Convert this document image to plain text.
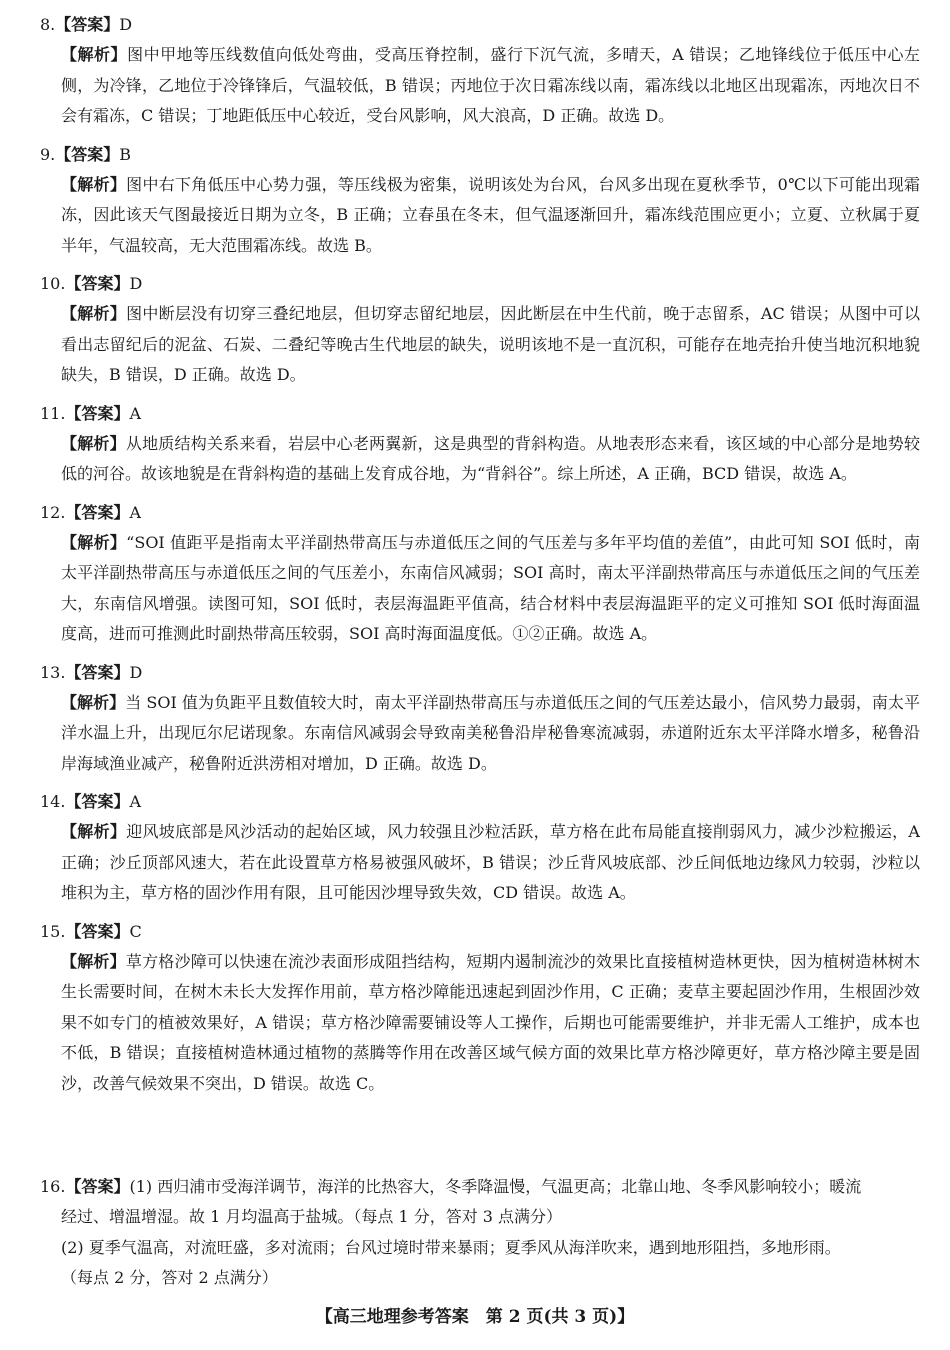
8.【答案】D
【解析】图中甲地等压线数值向低处弯曲，受高压脊控制，盛行下沉气流，多晴天，A 错误；乙地锋线位于低压中心左侧，为冷锋，乙地位于冷锋锋后，气温较低，B 错误；丙地位于次日霜冻线以南，霜冻线以北地区出现霜冻，丙地次日不会有霜冻，C 错误；丁地距低压中心较近，受台风影响，风大浪高，D 正确。故选 D。
9.【答案】B
【解析】图中右下角低压中心势力强，等压线极为密集，说明该处为台风，台风多出现在夏秋季节，0℃以下可能出现霜冻，因此该天气图最接近日期为立冬，B 正确；立春虽在冬末，但气温逐渐回升，霜冻线范围应更小；立夏、立秋属于夏半年，气温较高，无大范围霜冻线。故选 B。
10.【答案】D
【解析】图中断层没有切穿三叠纪地层，但切穿志留纪地层，因此断层在中生代前，晚于志留系，AC 错误；从图中可以看出志留纪后的泥盆、石炭、二叠纪等晚古生代地层的缺失，说明该地不是一直沉积，可能存在地壳抬升使当地沉积地貌缺失，B 错误，D 正确。故选 D。
11.【答案】A
【解析】从地质结构关系来看，岩层中心老两翼新，这是典型的背斜构造。从地表形态来看，该区域的中心部分是地势较低的河谷。故该地貌是在背斜构造的基础上发育成谷地，为“背斜谷”。综上所述，A 正确，BCD 错误，故选 A。
12.【答案】A
【解析】“SOI 值距平是指南太平洋副热带高压与赤道低压之间的气压差与多年平均值的差值”，由此可知 SOI 低时，南太平洋副热带高压与赤道低压之间的气压差小，东南信风减弱；SOI 高时，南太平洋副热带高压与赤道低压之间的气压差大，东南信风增强。读图可知，SOI 低时，表层海温距平值高，结合材料中表层海温距平的定义可推知 SOI 低时海面温度高，进而可推测此时副热带高压较弱，SOI 高时海面温度低。①②正确。故选 A。
13.【答案】D
【解析】当 SOI 值为负距平且数值较大时，南太平洋副热带高压与赤道低压之间的气压差达最小，信风势力最弱，南太平洋水温上升，出现厄尔尼诺现象。东南信风减弱会导致南美秘鲁沿岸秘鲁寒流减弱，赤道附近东太平洋降水增多，秘鲁沿岸海域渔业减产，秘鲁附近洪涝相对增加，D 正确。故选 D。
14.【答案】A
【解析】迎风坡底部是风沙活动的起始区域，风力较强且沙粒活跃，草方格在此布局能直接削弱风力，减少沙粒搬运，A 正确；沙丘顶部风速大，若在此设置草方格易被强风破坏，B 错误；沙丘背风坡底部、沙丘间低地边缘风力较弱，沙粒以堆积为主，草方格的固沙作用有限，且可能因沙埋导致失效，CD 错误。故选 A。
15.【答案】C
【解析】草方格沙障可以快速在流沙表面形成阻挡结构，短期内遏制流沙的效果比直接植树造林更快，因为植树造林树木生长需要时间，在树木未长大发挥作用前，草方格沙障能迅速起到固沙作用，C 正确；麦草主要起固沙作用，生根固沙效果不如专门的植被效果好，A 错误；草方格沙障需要铺设等人工操作，后期也可能需要维护，并非无需人工维护，成本也不低，B 错误；直接植树造林通过植物的蒸腾等作用在改善区域气候方面的效果比草方格沙障更好，草方格沙障主要是固沙，改善气候效果不突出，D 错误。故选 C。
16.【答案】(1) 西归浦市受海洋调节，海洋的比热容大，冬季降温慢，气温更高；北靠山地、冬季风影响较小；暖流
经过、增温增湿。故 1 月均温高于盐城。（每点 1 分，答对 3 点满分）
(2) 夏季气温高，对流旺盛，多对流雨；台风过境时带来暴雨；夏季风从海洋吹来，遇到地形阻挡，多地形雨。
（每点 2 分，答对 2 点满分）
【高三地理参考答案　第 2 页(共 3 页)】
